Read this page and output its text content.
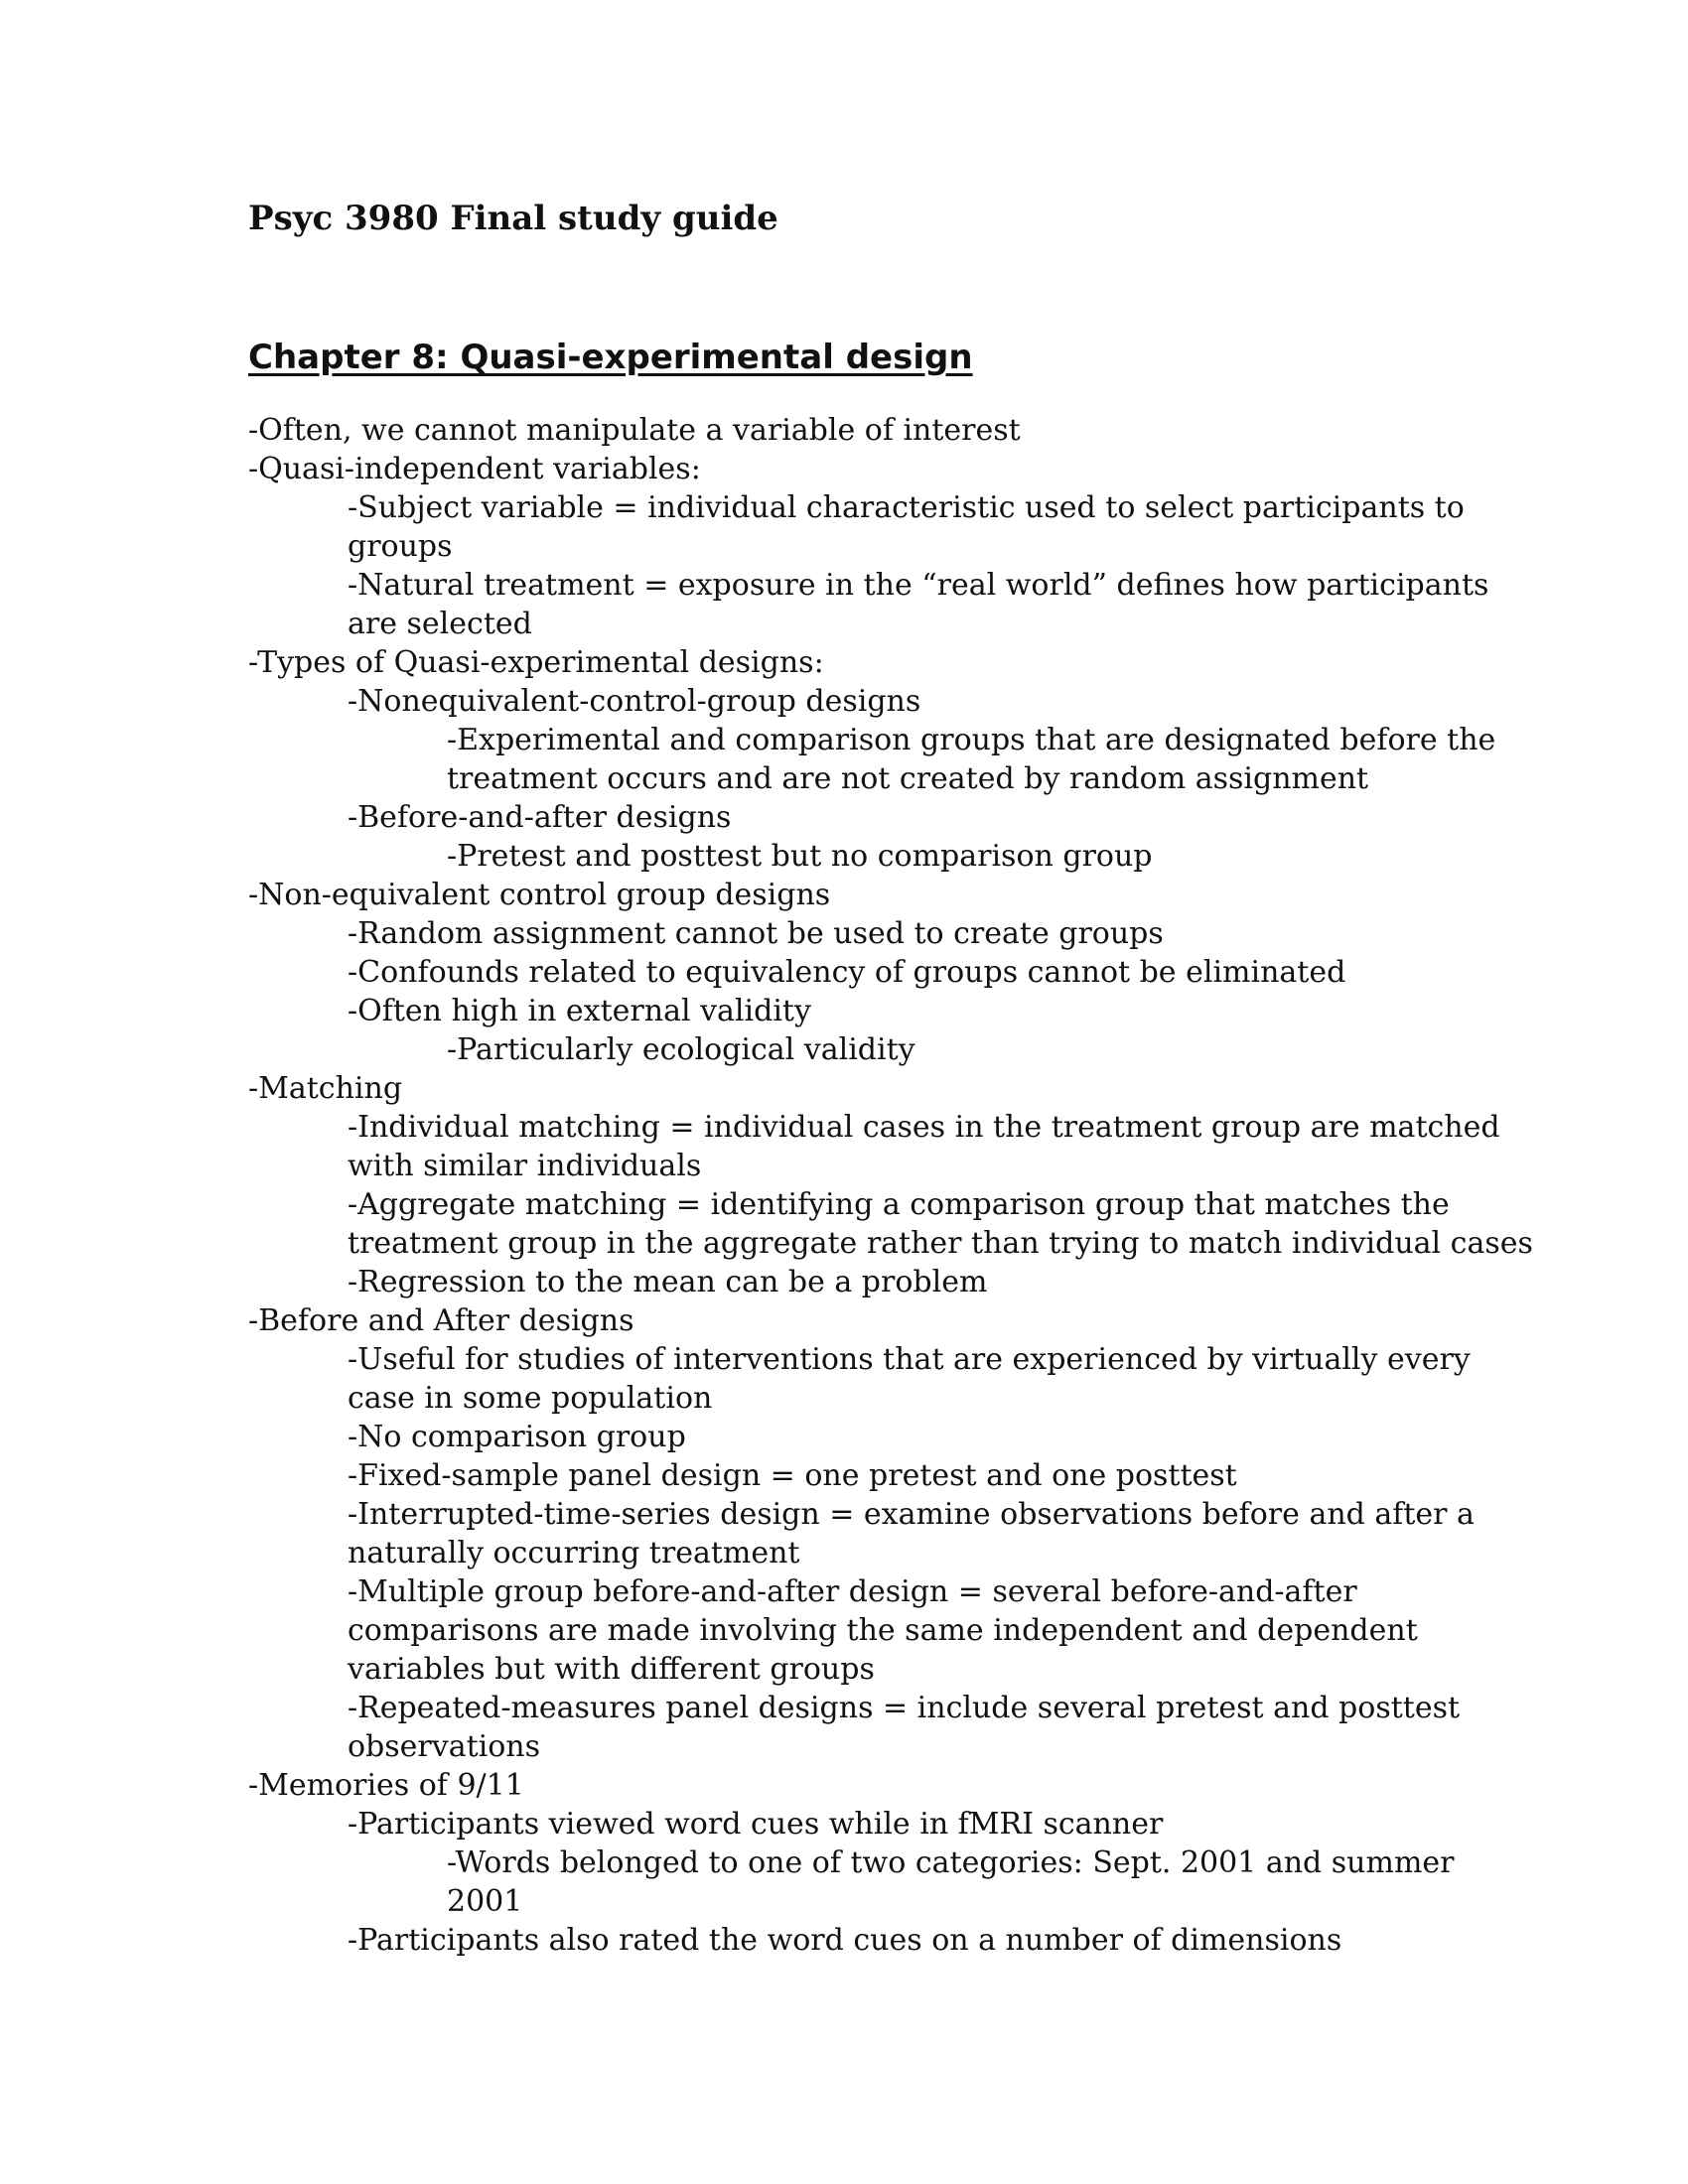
Psyc 3980 Final study guide
Chapter 8: Quasi-experimental design
-Often, we cannot manipulate a variable of interest
-Quasi-independent variables:
-Subject variable = individual characteristic used to select participants to
groups
-Natural treatment = exposure in the “real world” defines how participants
are selected
-Types of Quasi-experimental designs:
-Nonequivalent-control-group designs
-Experimental and comparison groups that are designated before the
treatment occurs and are not created by random assignment
-Before-and-after designs
-Pretest and posttest but no comparison group
-Non-equivalent control group designs
-Random assignment cannot be used to create groups
-Confounds related to equivalency of groups cannot be eliminated
-Often high in external validity
-Particularly ecological validity
-Matching
-Individual matching = individual cases in the treatment group are matched
with similar individuals
-Aggregate matching = identifying a comparison group that matches the
treatment group in the aggregate rather than trying to match individual cases
-Regression to the mean can be a problem
-Before and After designs
-Useful for studies of interventions that are experienced by virtually every
case in some population
-No comparison group
-Fixed-sample panel design = one pretest and one posttest
-Interrupted-time-series design = examine observations before and after a
naturally occurring treatment
-Multiple group before-and-after design = several before-and-after
comparisons are made involving the same independent and dependent
variables but with different groups
-Repeated-measures panel designs = include several pretest and posttest
observations
-Memories of 9/11
-Participants viewed word cues while in fMRI scanner
-Words belonged to one of two categories: Sept. 2001 and summer
2001
-Participants also rated the word cues on a number of dimensions
